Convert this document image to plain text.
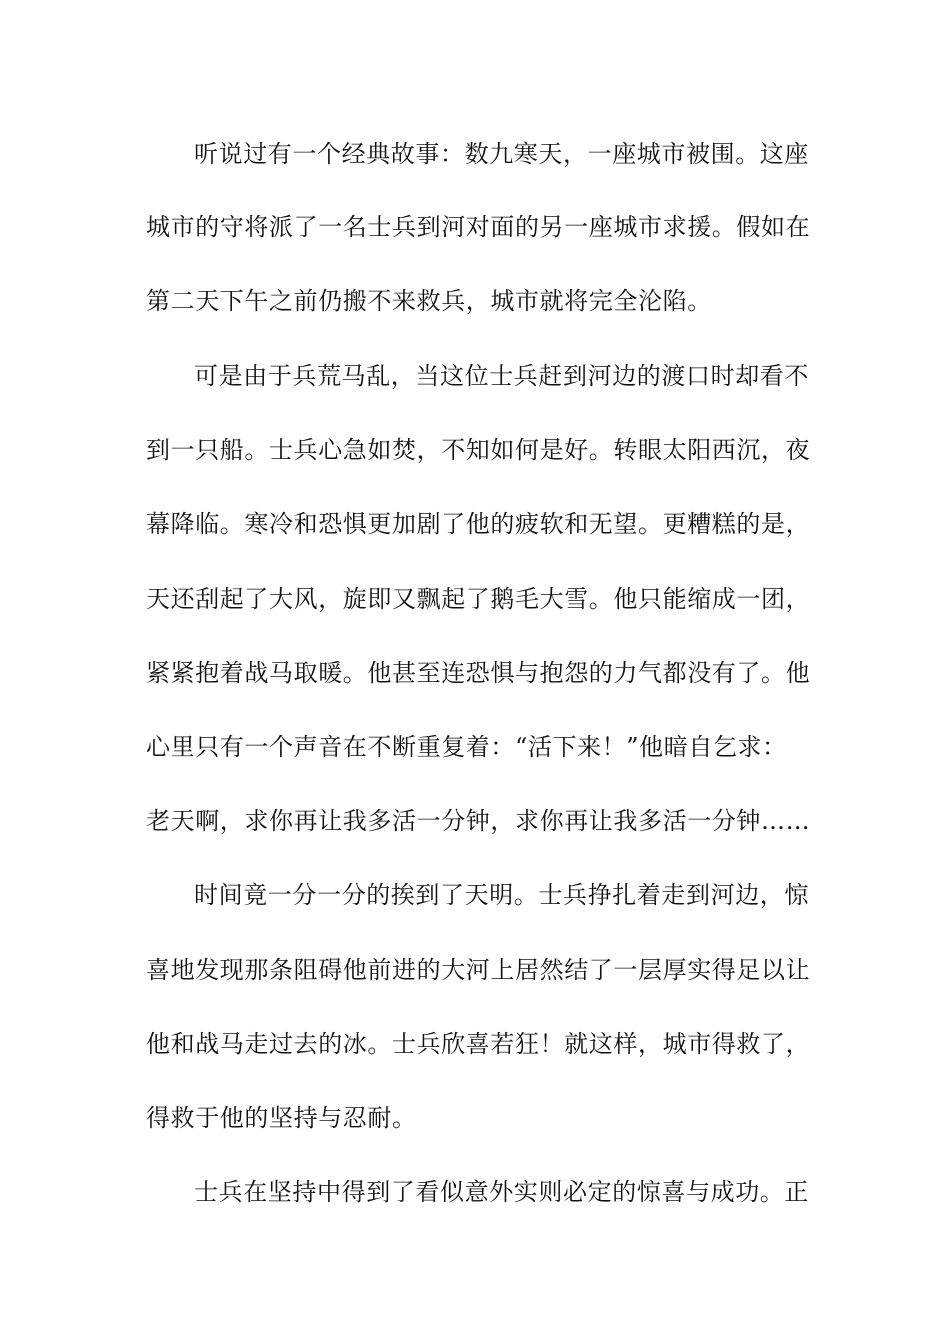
听说过有一个经典故事：数九寒天，一座城市被围。这座
城市的守将派了一名士兵到河对面的另一座城市求援。假如在
第二天下午之前仍搬不来救兵，城市就将完全沦陷。
可是由于兵荒马乱，当这位士兵赶到河边的渡口时却看不
到一只船。士兵心急如焚，不知如何是好。转眼太阳西沉，夜
幕降临。寒冷和恐惧更加剧了他的疲软和无望。更糟糕的是，
天还刮起了大风，旋即又飘起了鹅毛大雪。他只能缩成一团，
紧紧抱着战马取暖。他甚至连恐惧与抱怨的力气都没有了。他
心里只有一个声音在不断重复着：“活下来！”他暗自乞求：
老天啊，求你再让我多活一分钟，求你再让我多活一分钟……
时间竟一分一分的挨到了天明。士兵挣扎着走到河边，惊
喜地发现那条阻碍他前进的大河上居然结了一层厚实得足以让
他和战马走过去的冰。士兵欣喜若狂！就这样，城市得救了，
得救于他的坚持与忍耐。
士兵在坚持中得到了看似意外实则必定的惊喜与成功。正
